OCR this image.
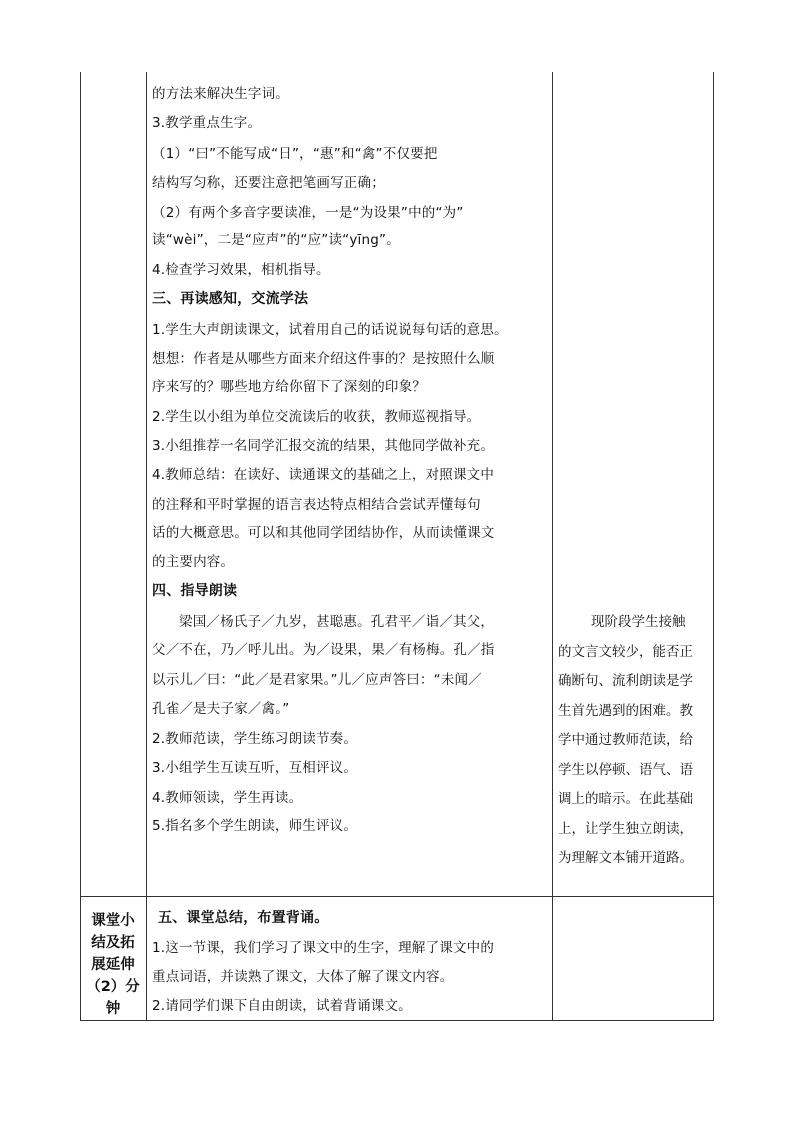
的方法来解决生字词。
3.教学重点生字。
（1）“曰”不能写成“日”，“惠”和“禽”不仅要把
结构写匀称，还要注意把笔画写正确；
（2）有两个多音字要读准，一是“为设果”中的“为”
读“wèi”，二是“应声”的“应”读“yīng”。
4.检查学习效果，相机指导。
三、再读感知，交流学法
1.学生大声朗读课文，试着用自己的话说说每句话的意思。
想想：作者是从哪些方面来介绍这件事的？是按照什么顺
序来写的？哪些地方给你留下了深刻的印象？
2.学生以小组为单位交流读后的收获，教师巡视指导。
3.小组推荐一名同学汇报交流的结果，其他同学做补充。
4.教师总结：在读好、读通课文的基础之上，对照课文中
的注释和平时掌握的语言表达特点相结合尝试弄懂每句
话的大概意思。可以和其他同学团结协作，从而读懂课文
的主要内容。
四、指导朗读
梁国／杨氏子／九岁，甚聪惠。孔君平／诣／其父，
父／不在，乃／呼儿出。为／设果，果／有杨梅。孔／指
以示儿／曰：“此／是君家果。”儿／应声答曰：“未闻／
孔雀／是夫子家／禽。”
2.教师范读，学生练习朗读节奏。
3.小组学生互读互听，互相评议。
4.教师领读，学生再读。
5.指名多个学生朗读，师生评议。
现阶段学生接触
的文言文较少，能否正
确断句、流利朗读是学
生首先遇到的困难。教
学中通过教师范读，给
学生以停顿、语气、语
调上的暗示。在此基础
上，让学生独立朗读，
为理解文本铺开道路。
课堂小
结及拓
展延伸
（2）分
钟
五、课堂总结，布置背诵。
1.这一节课，我们学习了课文中的生字，理解了课文中的
重点词语，并读熟了课文，大体了解了课文内容。
2.请同学们课下自由朗读，试着背诵课文。
